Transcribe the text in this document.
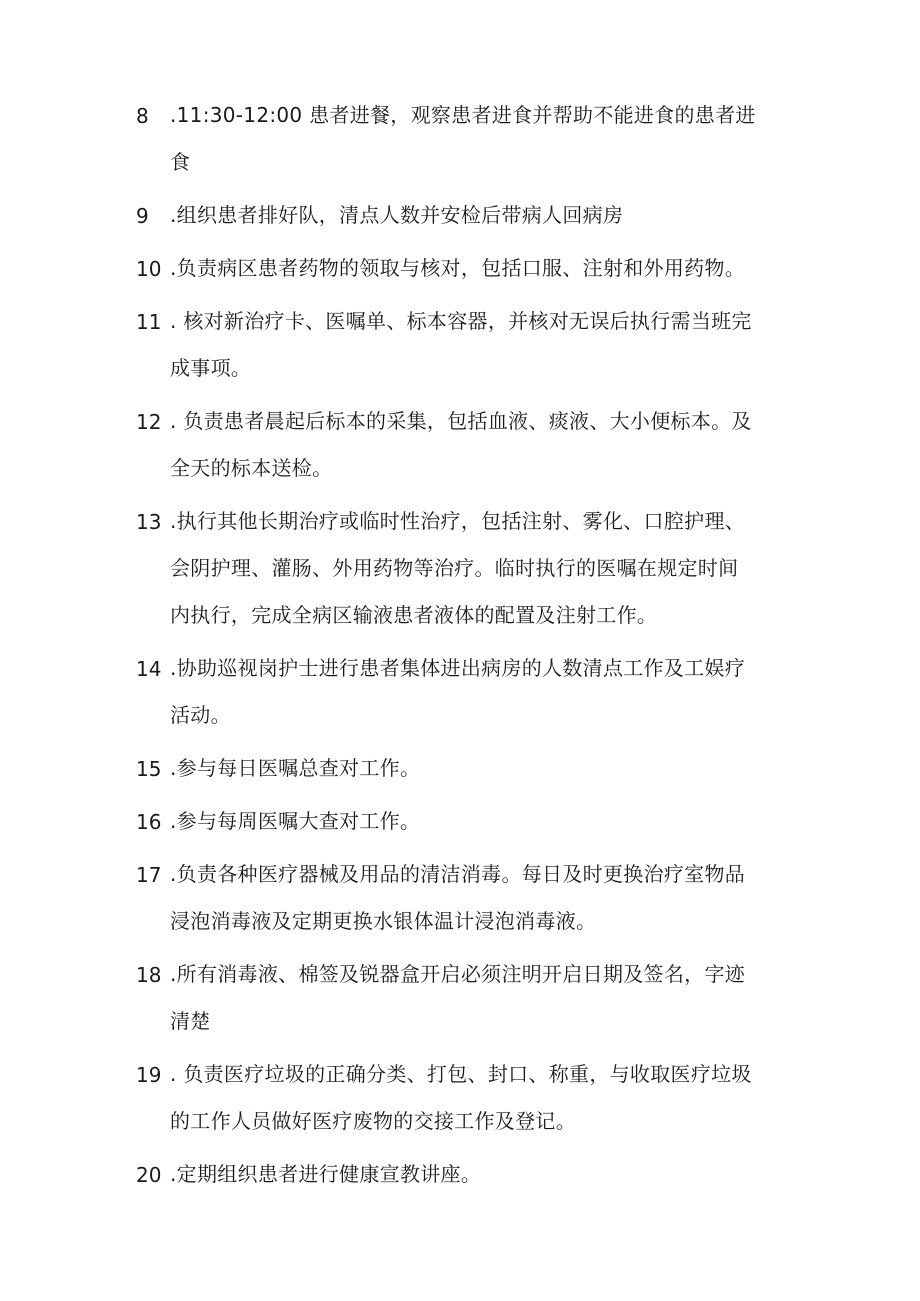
8	.11:30-12:00 患者进餐，观察患者进食并帮助不能进食的患者进
食
9	.组织患者排好队，清点人数并安检后带病人回病房
10 .负责病区患者药物的领取与核对，包括口服、注射和外用药物。
11 . 核对新治疗卡、医嘱单、标本容器，并核对无误后执行需当班完
成事项。
12 . 负责患者晨起后标本的采集，包括血液、痰液、大小便标本。及
全天的标本送检。
13 .执行其他长期治疗或临时性治疗，包括注射、雾化、口腔护理、
会阴护理、灌肠、外用药物等治疗。临时执行的医嘱在规定时间
内执行，完成全病区输液患者液体的配置及注射工作。
14 .协助巡视岗护士进行患者集体进出病房的人数清点工作及工娱疗
活动。
15 .参与每日医嘱总查对工作。
16 .参与每周医嘱大查对工作。
17 .负责各种医疗器械及用品的清洁消毒。每日及时更换治疗室物品
浸泡消毒液及定期更换水银体温计浸泡消毒液。
18 .所有消毒液、棉签及锐器盒开启必须注明开启日期及签名，字迹
清楚
19 . 负责医疗垃圾的正确分类、打包、封口、称重，与收取医疗垃圾
的工作人员做好医疗废物的交接工作及登记。
20 .定期组织患者进行健康宣教讲座。
